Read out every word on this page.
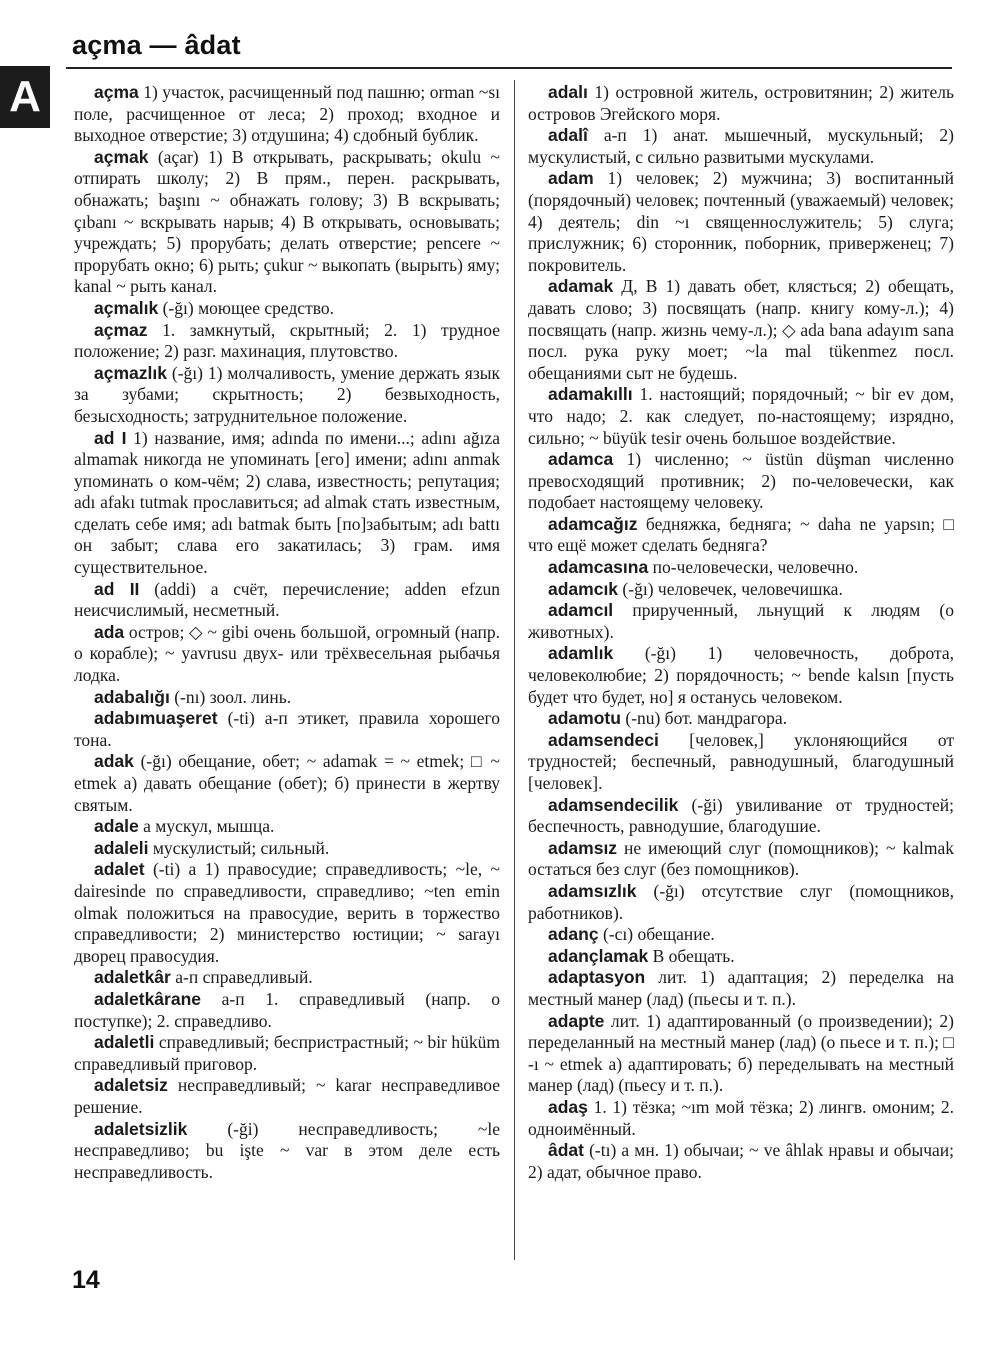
açma — âdat
A	açma 1) участок, расчищенный под пашню; orman ~sı поле, расчищенное от леса; 2) проход; входное и выходное отверстие; 3) отдушина; 4) сдобный бублик.

açmak (açar) 1) В открывать, раскрывать; okulu ~ отпирать школу; 2) В прям., перен. раскрывать, обнажать; başını ~ обнажать голову; 3) В вскрывать; çıbanı ~ вскрывать нарыв; 4) В открывать, основывать; учреждать; 5) прорубать; делать отверстие; pencere ~ прорубать окно; 6) рыть; çukur ~ выкопать (вырыть) яму; kanal ~ рыть канал.

açmalık (-ğı) моющее средство.

açmaz 1. замкнутый, скрытный; 2. 1) трудное положение; 2) разг. махинация, плутовство.

açmazlık (-ğı) 1) молчаливость, умение держать язык за зубами; скрытность; 2) безвыходность, безысходность; затруднительное положение.

ad I 1) название, имя; adında по имени...; adını ağıza almamak никогда не упоминать [его] имени; adını anmak упоминать о ком-чём; 2) слава, известность; репутация; adı afakı tutmak прославиться; ad almak стать известным, сделать себе имя; adı batmak быть [по]забытым; adı battı он забыт; слава его закатилась; 3) грам. имя существительное.

ad II (addi) а счёт, перечисление; adden efzun неисчислимый, несметный.

ada остров; ◇ ~ gibi очень большой, огромный (напр. о корабле); ~ yavrusu двух- или трёхвесельная рыбачья лодка.

adabalığı (-nı) зоол. линь.

adabımuaşeret (-ti) а-п этикет, правила хорошего тона.

adak (-ğı) обещание, обет; ~ adamak = ~ etmek; □ ~ etmek а) давать обещание (обет); б) принести в жертву святым.

adale а мускул, мышца.

adaleli мускулистый; сильный.

adalet (-ti) а 1) правосудие; справедливость; ~le, ~ dairesinde по справедливости, справедливо; ~ten emin olmak положиться на правосудие, верить в торжество справедливости; 2) министерство юстиции; ~ sarayı дворец правосудия.

adaletkâr а-п справедливый.

adaletkârane а-п 1. справедливый (напр. о поступке); 2. справедливо.

adaletli справедливый; беспристрастный; ~ bir hüküm справедливый приговор.

adaletsiz несправедливый; ~ karar несправедливое решение.

adaletsizlik (-ği) несправедливость; ~le несправедливо; bu işte ~ var в этом деле есть несправедливость.

adalı 1) островной житель, островитянин; 2) житель островов Эгейского моря.

adalî а-п 1) анат. мышечный, мускульный; 2) мускулистый, с сильно развитыми мускулами.

adam 1) человек; 2) мужчина; 3) воспитанный (порядочный) человек; почтенный (уважаемый) человек; 4) деятель; din ~ı священнослужитель; 5) слуга; прислужник; 6) сторонник, поборник, приверженец; 7) покровитель.

adamak Д, В 1) давать обет, клясться; 2) обещать, давать слово; 3) посвящать (напр. книгу кому-л.); 4) посвящать (напр. жизнь чему-л.); ◇ ada bana adayım sana посл. рука руку моет; ~la mal tükenmez посл. обещаниями сыт не будешь.

adamakıllı 1. настоящий; порядочный; ~ bir ev дом, что надо; 2. как следует, по-настоящему; изрядно, сильно; ~ büyük tesir очень большое воздействие.

adamca 1) численно; ~ üstün düşman численно превосходящий противник; 2) по-человечески, как подобает настоящему человеку.

adamcağız бедняжка, бедняга; ~ daha ne yapsın; □ что ещё может сделать бедняга?

adamcasına по-человечески, человечно.

adamcık (-ğı) человечек, человечишка.

adamcıl прирученный, льнущий к людям (о животных).

adamlık (-ğı) 1) человечность, доброта, человеколюбие; 2) порядочность; ~ bende kalsın [пусть будет что будет, но] я останусь человеком.

adamotu (-nu) бот. мандрагора.

adamsendeci [человек,] уклоняющийся от трудностей; беспечный, равнодушный, благодушный [человек].

adamsendecilik (-ği) увиливание от трудностей; беспечность, равнодушие, благодушие.

adamsız не имеющий слуг (помощников); ~ kalmak остаться без слуг (без помощников).

adamsızlık (-ğı) отсутствие слуг (помощников, работников).

adanç (-cı) обещание.

adançlamak В обещать.

adaptasyon лит. 1) адаптация; 2) переделка на местный манер (лад) (пьесы и т. п.).

adapte лит. 1) адаптированный (о произведении); 2) переделанный на местный манер (лад) (о пьесе и т. п.); □ -ı ~ etmek а) адаптировать; б) переделывать на местный манер (лад) (пьесу и т. п.).

adaş 1. 1) тёзка; ~ım мой тёзка; 2) лингв. омоним; 2. одноимённый.

âdat (-tı) а мн. 1) обычаи; ~ ve âhlak нравы и обычаи; 2) адат, обычное право.

14
